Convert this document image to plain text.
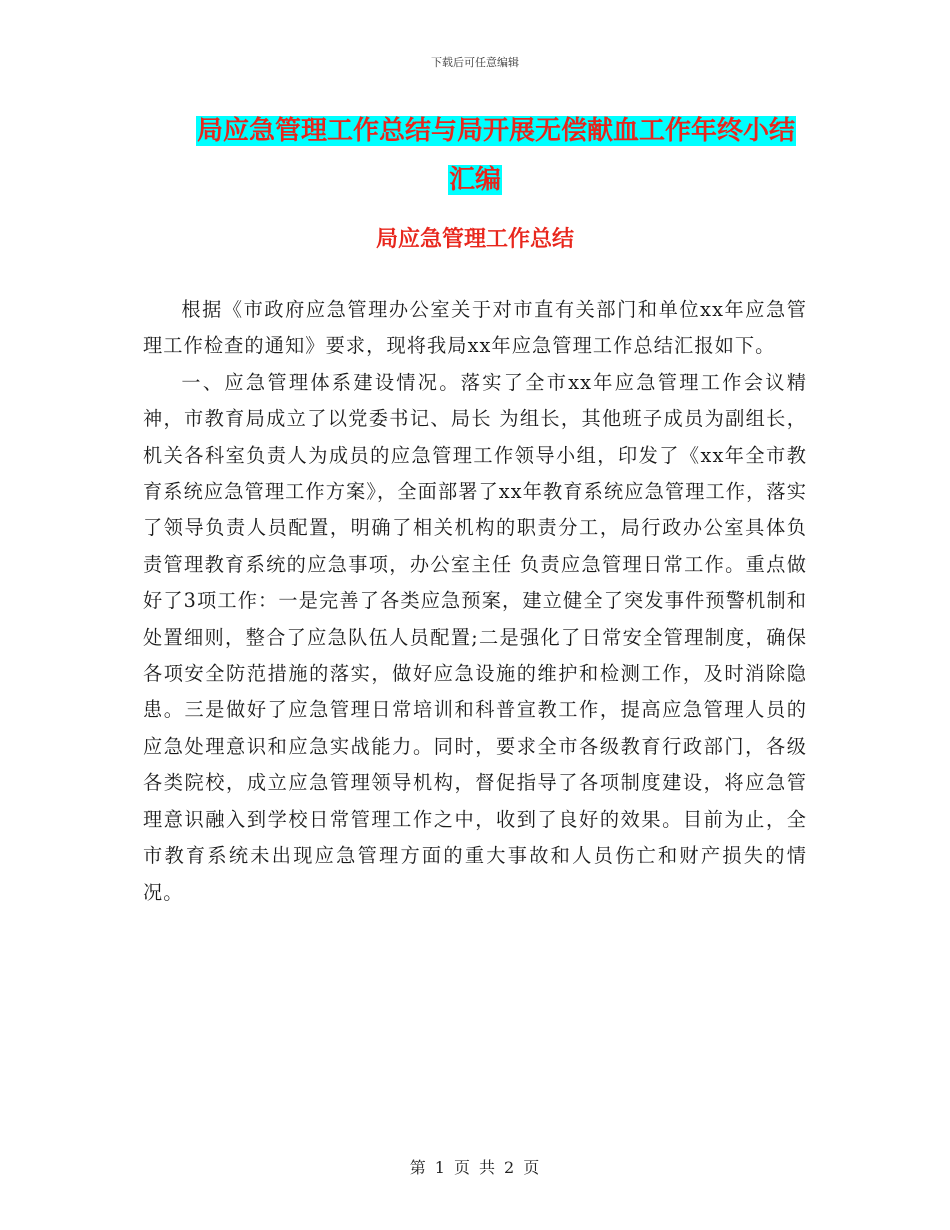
下载后可任意编辑
局应急管理工作总结与局开展无偿献血工作年终小结
汇编
局应急管理工作总结

根据《市政府应急管理办公室关于对市直有关部门和单位xx年应急管理工作检查的通知》要求，现将我局xx年应急管理工作总结汇报如下。

一、应急管理体系建设情况。落实了全市xx年应急管理工作会议精神，市教育局成立了以党委书记、局长 为组长，其他班子成员为副组长，机关各科室负责人为成员的应急管理工作领导小组，印发了《xx年全市教育系统应急管理工作方案》，全面部署了xx年教育系统应急管理工作，落实了领导负责人员配置，明确了相关机构的职责分工，局行政办公室具体负责管理教育系统的应急事项，办公室主任 负责应急管理日常工作。重点做好了3项工作：一是完善了各类应急预案，建立健全了突发事件预警机制和处置细则，整合了应急队伍人员配置;二是强化了日常安全管理制度，确保各项安全防范措施的落实，做好应急设施的维护和检测工作，及时消除隐患。三是做好了应急管理日常培训和科普宣教工作，提高应急管理人员的应急处理意识和应急实战能力。同时，要求全市各级教育行政部门，各级各类院校，成立应急管理领导机构，督促指导了各项制度建设，将应急管理意识融入到学校日常管理工作之中，收到了良好的效果。目前为止，全市教育系统未出现应急管理方面的重大事故和人员伤亡和财产损失的情况。

第 1 页 共 2 页
